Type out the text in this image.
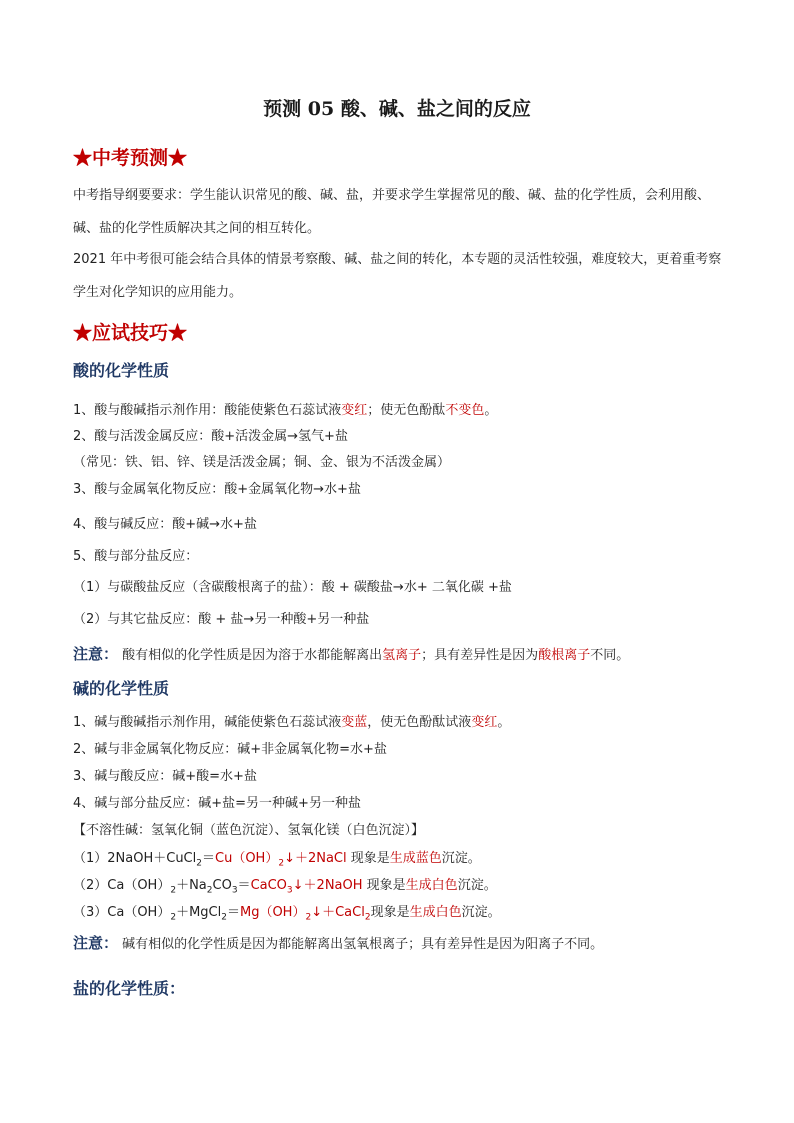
预测 05 酸、碱、盐之间的反应
★中考预测★
中考指导纲要要求：学生能认识常见的酸、碱、盐，并要求学生掌握常见的酸、碱、盐的化学性质，会利用酸、碱、盐的化学性质解决其之间的相互转化。
2021 年中考很可能会结合具体的情景考察酸、碱、盐之间的转化，本专题的灵活性较强，难度较大，更着重考察学生对化学知识的应用能力。
★应试技巧★
酸的化学性质
1、酸与酸碱指示剂作用：酸能使紫色石蕊试液变红；使无色酚酞不变色。
2、酸与活泼金属反应：酸+活泼金属→氢气+盐
（常见：铁、铝、锌、镁是活泼金属；铜、金、银为不活泼金属）
3、酸与金属氧化物反应：酸+金属氧化物→水+盐
4、酸与碱反应：酸+碱→水+盐
5、酸与部分盐反应：
（1）与碳酸盐反应（含碳酸根离子的盐）：酸 + 碳酸盐→水+ 二氧化碳 +盐
（2）与其它盐反应：酸 + 盐→另一种酸+另一种盐
注意： 酸有相似的化学性质是因为溶于水都能解离出氢离子；具有差异性是因为酸根离子不同。
碱的化学性质
1、碱与酸碱指示剂作用，碱能使紫色石蕊试液变蓝，使无色酚酞试液变红。
2、碱与非金属氧化物反应：碱+非金属氧化物=水+盐
3、碱与酸反应：碱+酸=水+盐
4、碱与部分盐反应：碱+盐=另一种碱+另一种盐
【不溶性碱：氢氧化铜（蓝色沉淀）、氢氧化镁（白色沉淀）】
$(1)2NaOH+CuCl_2=Cu(OH)_2↓+2NaCl$ 现象是生成蓝色沉淀。
$(2)Ca(OH)_2+Na_2CO_3=CaCO_3↓+2NaOH$ 现象是生成白色沉淀。
$(3)Ca(OH)_2+MgCl_2=Mg(OH)_2↓+CaCl_2$现象是生成白色沉淀。
注意： 碱有相似的化学性质是因为都能解离出氢氧根离子；具有差异性是因为阳离子不同。
盐的化学性质：
